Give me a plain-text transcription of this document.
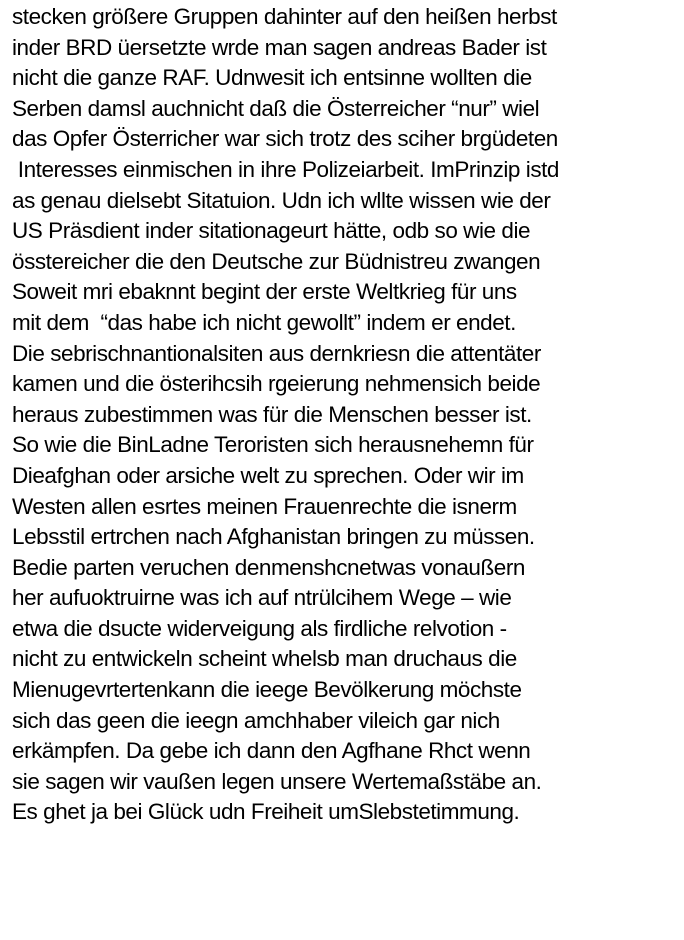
stecken größere Gruppen dahinter auf den heißen herbst
inder BRD üersetzte wrde man sagen andreas Bader ist
nicht die ganze RAF. Udnwesit ich entsinne wollten die
Serben damsl auchnicht daß die Österreicher “nur” wiel
das Opfer Österricher war sich trotz des sciher brgüdeten
Interesses einmischen in ihre Polizeiarbeit. ImPrinzip istd
as genau dielsebt Sitatuion. Udn ich wllte wissen wie der
US Präsdient inder sitationageurt hätte, odb so wie die
össtereicher die den Deutsche zur Büdnistreu zwangen
Soweit mri ebaknnt begint der erste Weltkrieg für uns
mit dem  “das habe ich nicht gewollt” indem er endet.
Die sebrischnantionalsiten aus dernkriesn die attentäter
kamen und die österihcsih rgeierung nehmensich beide
heraus zubestimmen was für die Menschen besser ist.
So wie die BinLadne Teroristen sich herausnehemn für
Dieafghan oder arsiche welt zu sprechen. Oder wir im
Westen allen esrtes meinen Frauenrechte die isnerm
Lebsstil ertrchen nach Afghanistan bringen zu müssen.
Bedie parten veruchen denmenshcnetwas vonaußern
her aufuoktruirne was ich auf ntrülcihem Wege – wie
etwa die dsucte widerveigung als firdliche relvotion -
nicht zu entwickeln scheint whelsb man druchaus die
Mienugevrtertenkann die ieege Bevölkerung möchste
sich das geen die ieegn amchhaber vileich gar nich
erkämpfen. Da gebe ich dann den Agfhane Rhct wenn
sie sagen wir vaußen legen unsere Wertemaßstäbe an.
Es ghet ja bei Glück udn Freiheit umSlebstetimmung.
